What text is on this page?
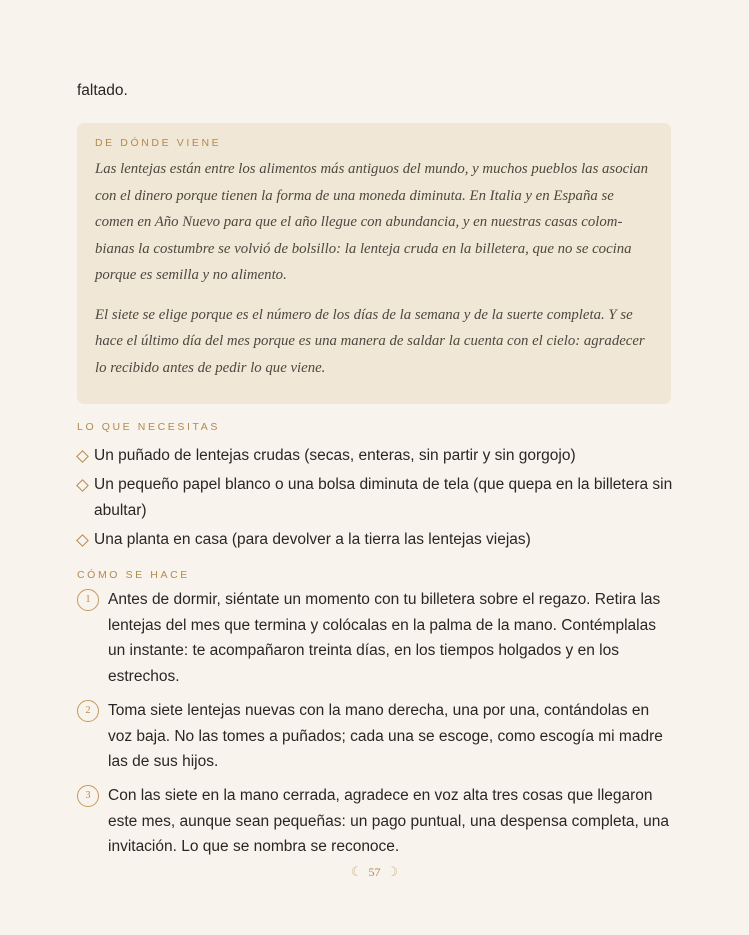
faltado.
DE DÓNDE VIENE

Las lentejas están entre los alimentos más antiguos del mundo, y muchos pueblos las asocian con el dinero porque tienen la forma de una moneda diminuta. En Italia y en España se comen en Año Nuevo para que el año llegue con abundancia, y en nuestras casas colombianas la costumbre se volvió de bolsillo: la lenteja cruda en la billetera, que no se cocina porque es semilla y no alimento.

El siete se elige porque es el número de los días de la semana y de la suerte completa. Y se hace el último día del mes porque es una manera de saldar la cuenta con el cielo: agradecer lo recibido antes de pedir lo que viene.

LO QUE NECESITAS
Un puñado de lentejas crudas (secas, enteras, sin partir y sin gorgojo)
Un pequeño papel blanco o una bolsa diminuta de tela (que quepa en la billetera sin abultar)
Una planta en casa (para devolver a la tierra las lentejas viejas)
CÓMO SE HACE
1	Antes de dormir, siéntate un momento con tu billetera sobre el regazo. Retira las lentejas del mes que termina y colócalas en la palma de la mano. Contémplalas un instante: te acompañaron treinta días, en los tiempos holgados y en los estrechos.
2	Toma siete lentejas nuevas con la mano derecha, una por una, contándolas en voz baja. No las tomes a puñados; cada una se escoge, como escogía mi madre las de sus hijos.
3	Con las siete en la mano cerrada, agradece en voz alta tres cosas que llegaron este mes, aunque sean pequeñas: un pago puntual, una despensa completa, una invitación. Lo que se nombra se reconoce.
☾ 57 ☽
